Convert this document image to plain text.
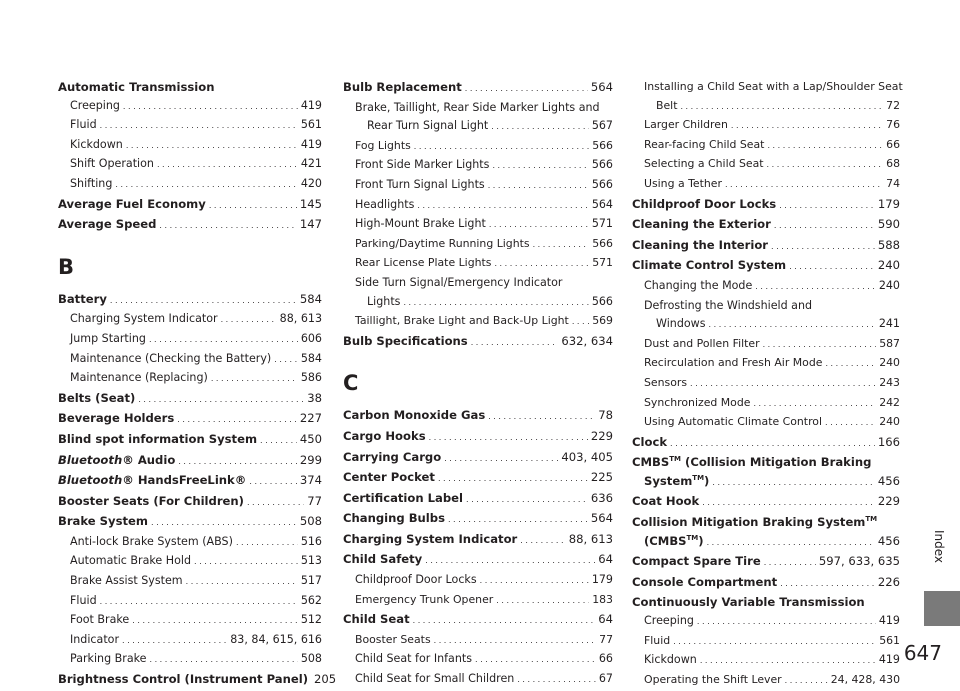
Automatic Transmission
Creeping . . .	419
Fluid . . .	561
Kickdown . . .	419
Shift Operation . . .	421
Shifting . . .	420
Average Fuel Economy . . .	145
Average Speed . . .	147
B
Battery . . .	584
Charging System Indicator . . .	88, 613
Jump Starting . . .	606
Maintenance (Checking the Battery) . . .	584
Maintenance (Replacing) . . .	586
Belts (Seat) . . .	38
Beverage Holders . . .	227
Blind spot information System . . .	450
Bluetooth® Audio . . .	299
Bluetooth® HandsFreeLink® . . .	374
Booster Seats (For Children) . . .	77
Brake System . . .	508
Anti-lock Brake System (ABS) . . .	516
Automatic Brake Hold . . .	513
Brake Assist System . . .	517
Fluid . . .	562
Foot Brake . . .	512
Indicator . . .	83, 84, 615, 616
Parking Brake . . .	508
Brightness Control (Instrument Panel) 205
Bulb Replacement . . .	564
Brake, Taillight, Rear Side Marker Lights and
Rear Turn Signal Light . . .	567
Fog Lights . . .	566
Front Side Marker Lights . . .	566
Front Turn Signal Lights . . .	566
Headlights . . .	564
High-Mount Brake Light . . .	571
Parking/Daytime Running Lights . . .	566
Rear License Plate Lights . . .	571
Side Turn Signal/Emergency Indicator
Lights . . .	566
Taillight, Brake Light and Back-Up Light . . . 569
Bulb Specifications . . .	632, 634
C
Carbon Monoxide Gas . . .	78
Cargo Hooks . . .	229
Carrying Cargo . . .	403, 405
Center Pocket . . .	225
Certification Label . . .	636
Changing Bulbs . . .	564
Charging System Indicator . . .	88, 613
Child Safety . . .	64
Childproof Door Locks . . .	179
Emergency Trunk Opener . . .	183
Child Seat . . .	64
Booster Seats . . .	77
Child Seat for Infants . . .	66
Child Seat for Small Children . . .	67
Installing a Child Seat with a Lap/Shoulder Seat
Belt . . .	72
Larger Children . . .	76
Rear-facing Child Seat . . .	66
Selecting a Child Seat . . .	68
Using a Tether . . .	74
Childproof Door Locks . . .	179
Cleaning the Exterior . . .	590
Cleaning the Interior . . .	588
Climate Control System . . .	240
Changing the Mode . . .	240
Defrosting the Windshield and
Windows . . .	241
Dust and Pollen Filter . . .	587
Recirculation and Fresh Air Mode . . .	240
Sensors . . .	243
Synchronized Mode . . .	242
Using Automatic Climate Control . . .	240
Clock . . .	166
CMBS™ (Collision Mitigation Braking
System™) . . .	456
Coat Hook . . .	229
Collision Mitigation Braking System™
(CMBS™) . . .	456
Compact Spare Tire . . .	597, 633, 635
Console Compartment . . .	226
Continuously Variable Transmission
Creeping . . .	419
Fluid . . .	561
Kickdown . . .	419
Operating the Shift Lever . . .	24, 428, 430
Index
647
